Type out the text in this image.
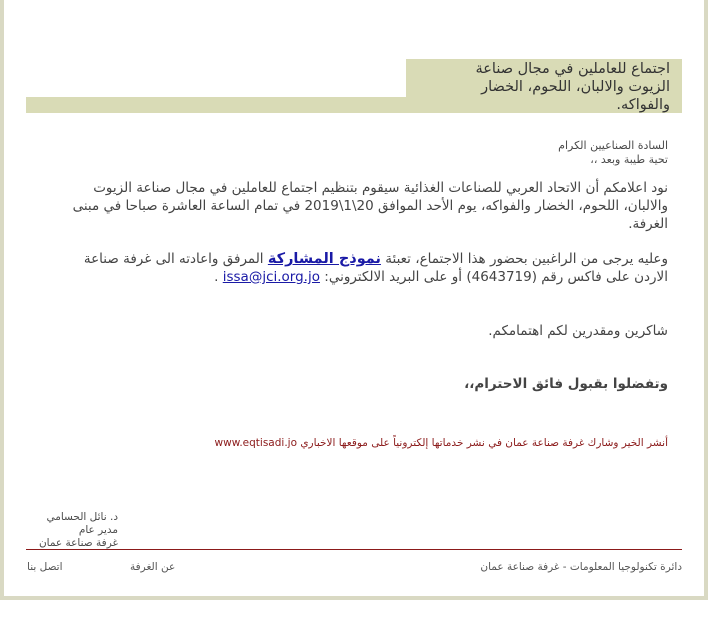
اجتماع للعاملين في مجال صناعة
الزيوت والالبان، اللحوم، الخضار
والفواكه.
السادة الصناعيين الكرام
تحية طيبة وبعد ،،
نود اعلامكم أن الاتحاد العربي للصناعات الغذائية سيقوم بتنظيم اجتماع للعاملين في مجال صناعة الزيوت والالبان، اللحوم، الخضار والفواكه، يوم الأحد الموافق 20\1\2019 في تمام الساعة العاشرة صباحا في مبنى الغرفة.
وعليه يرجى من الراغبين بحضور هذا الاجتماع، تعبئة نموذج المشاركة المرفق واعادته الى غرفة صناعة الاردن على فاكس رقم (4643719) أو على البريد الالكتروني: issa@jci.org.jo .
شاكرين ومقدرين لكم اهتمامكم.
وتفضلوا بقبول فائق الاحترام،،
أنشر الخير وشارك غرفة صناعة عمان في نشر خدماتها إلكترونياً على موقعها الاخباري www.eqtisadi.jo
د. نائل الحسامي
مدير عام
غرفة صناعة عمان
دائرة تكنولوجيا المعلومات - غرفة صناعة عمان
عن الغرفة
اتصل بنا
